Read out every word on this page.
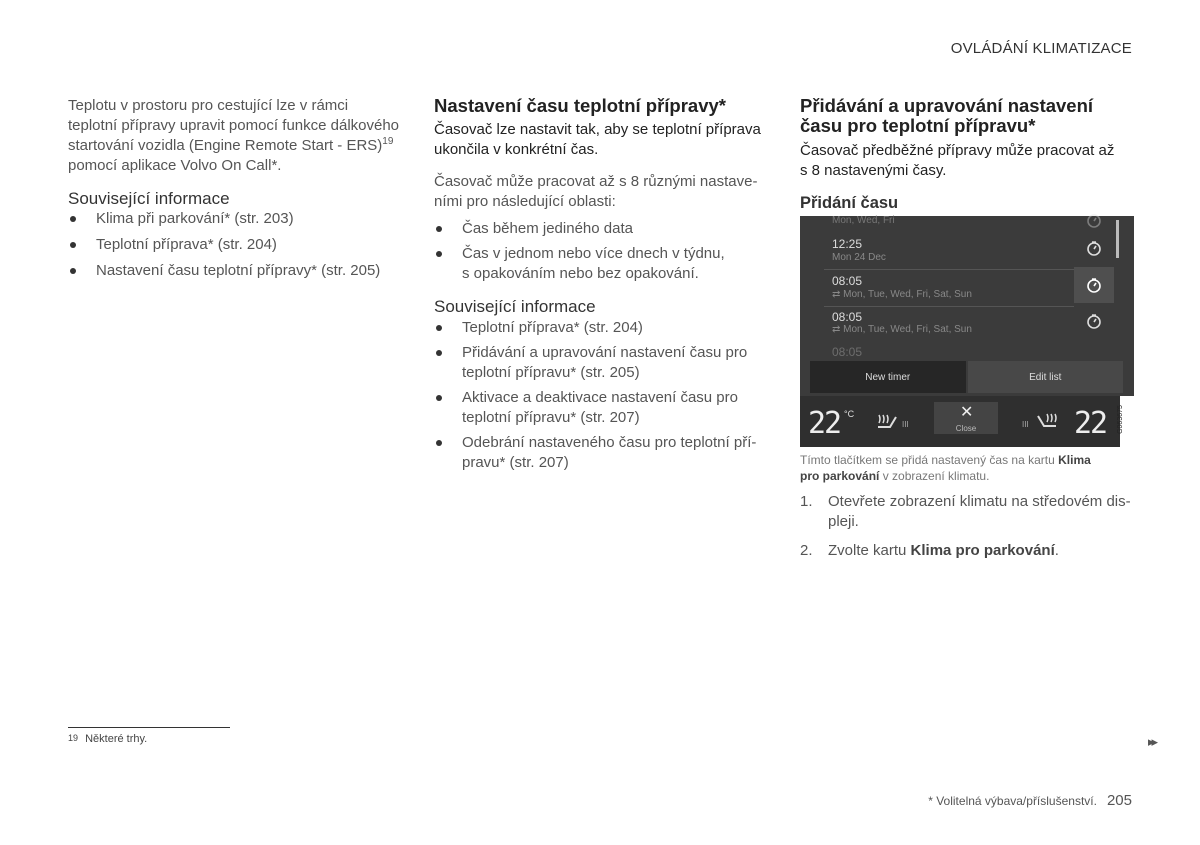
OVLÁDÁNÍ KLIMATIZACE

Teplotu v prostoru pro cestující lze v rámci

teplotní přípravy upravit pomocí funkce dálkového

startování vozidla (Engine Remote Start - ERS)$^{19}$

pomocí aplikace Volvo On Call*.

Související informace
Klima při parkování* (str. 203)
Teplotní příprava* (str. 204)
Nastavení času teplotní přípravy* (str. 205)
Nastavení času teplotní přípravy*

Časovač lze nastavit tak, aby se teplotní příprava

ukončila v konkrétní čas.

Časovač může pracovat až s 8 různými nastave-

ními pro následující oblasti:

Čas během jediného data
Čas v jednom nebo více dnech v týdnu,
s opakováním nebo bez opakování.
Související informace
Teplotní příprava* (str. 204)
Přidávání a upravování nastavení času pro
teplotní přípravu* (str. 205)
Aktivace a deaktivace nastavení času pro
teplotní přípravu* (str. 207)
Odebrání nastaveného času pro teplotní pří-
pravu* (str. 207)
Přidávání a upravování nastavení
času pro teplotní přípravu*

Časovač předběžné přípravy může pracovat až

s 8 nastavenými časy.

Přidání času
Mon, Wed, Fri
12:25
Mon 24 Dec
08:05
⇄ Mon, Tue, Wed, Fri, Sat, Sun
08:05
⇄ Mon, Tue, Wed, Fri, Sat, Sun
08:05
New timer	Edit list
22 °C
III
✕
Close	III 22 G063675
Tímto tlačítkem se přidá nastavený čas na kartu Klima
pro parkování v zobrazení klimatu.
1. Otevřete zobrazení klimatu na středovém dis-
pleji.
2. Zvolte kartu Klima pro parkování.
$^{19}$ Některé trhy.	▸▸
* Volitelná výbava/příslušenství. 205
